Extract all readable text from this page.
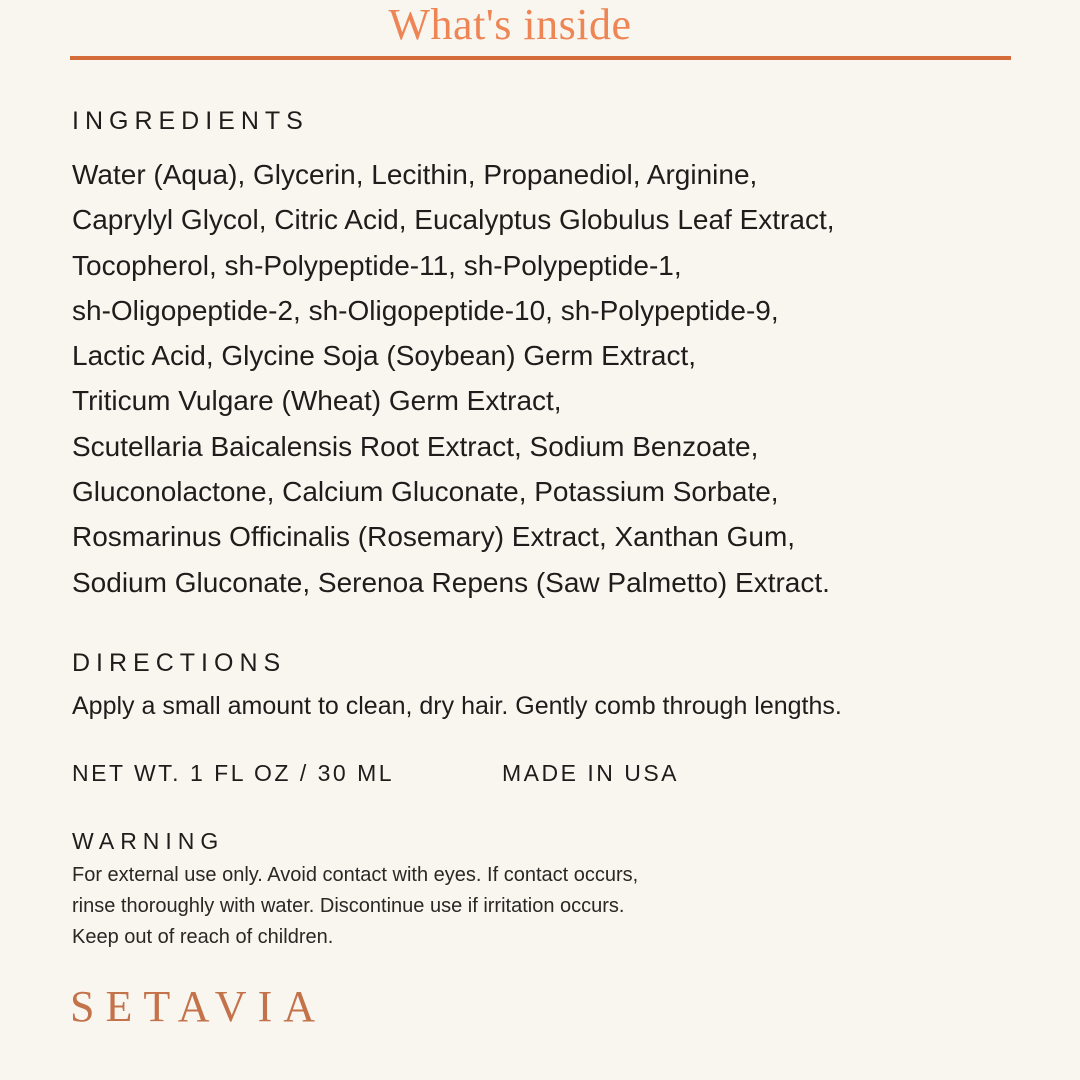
What's inside
INGREDIENTS
Water (Aqua), Glycerin, Lecithin, Propanediol, Arginine,
Caprylyl Glycol, Citric Acid, Eucalyptus Globulus Leaf Extract,
Tocopherol, sh-Polypeptide-11, sh-Polypeptide-1,
sh-Oligopeptide-2, sh-Oligopeptide-10, sh-Polypeptide-9,
Lactic Acid, Glycine Soja (Soybean) Germ Extract,
Triticum Vulgare (Wheat) Germ Extract,
Scutellaria Baicalensis Root Extract, Sodium Benzoate,
Gluconolactone, Calcium Gluconate, Potassium Sorbate,
Rosmarinus Officinalis (Rosemary) Extract, Xanthan Gum,
Sodium Gluconate, Serenoa Repens (Saw Palmetto) Extract.
DIRECTIONS
Apply a small amount to clean, dry hair. Gently comb through lengths.
NET WT. 1 FL OZ / 30 ML	MADE IN USA
WARNING
For external use only. Avoid contact with eyes. If contact occurs,
rinse thoroughly with water. Discontinue use if irritation occurs.
Keep out of reach of children.
SETAVIA
